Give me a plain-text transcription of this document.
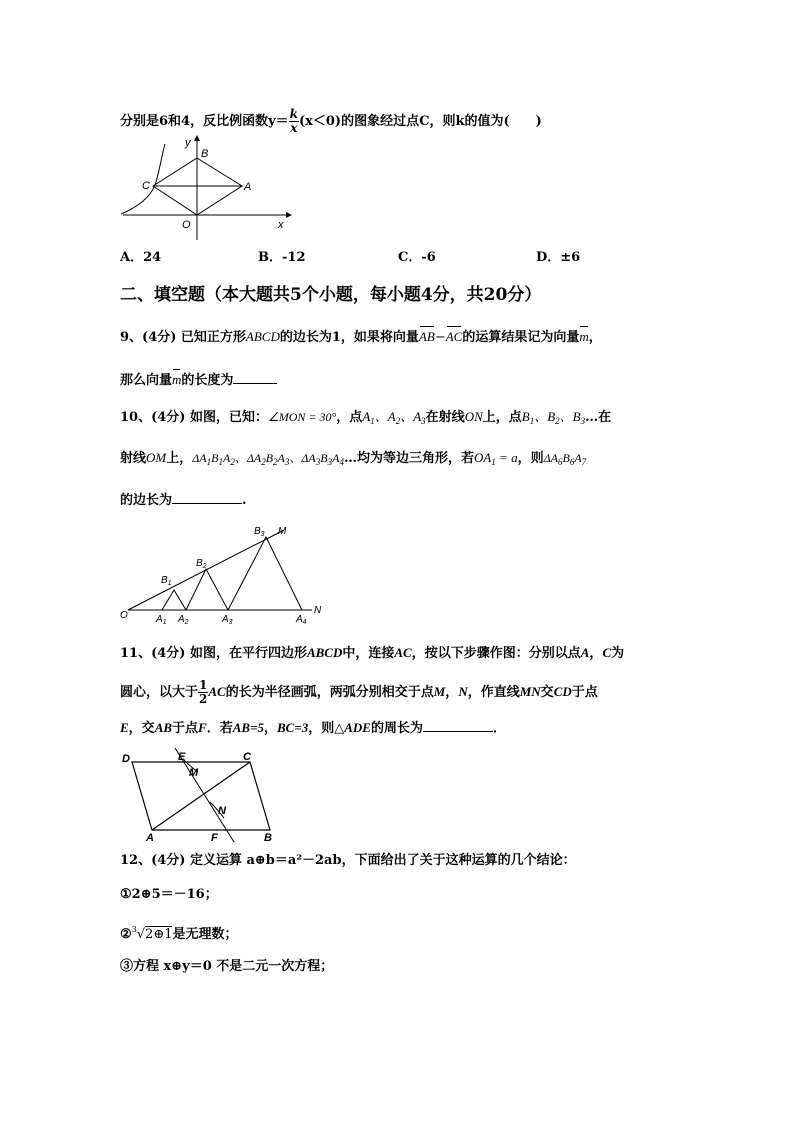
分别是6和4，反比例函数$y= \frac{k}{x} (x<0)$的图象经过点C，则k的值为(　　)
y
B
C	A
O	x
A．24	B．-12	C．-6	D．±6
二、填空题（本大题共5个小题，每小题4分，共20分）
9、(4分) 已知正方形ABCD的边长为1，如果将向量AB−AC的运算结果记为向量m，
那么向量m的长度为
10、(4分) 如图，已知：∠MON = 30°，点$A_1$、$A_2$、$A_3$在射线ON上，点$B_1$、$B_2$、$B_3\dots$在
射线OM上，$\Delta A_1B_1A_2$、$\Delta A_2B_2A_3$、$\Delta A_3B_3A_4\dots$均为等边三角形，若$OA_1 = a$，则$\Delta A_6B_6A_7$
的边长为	.
O
M
N
$B_1$
$B_2$
$B_3$
$A_1$ $A_2$	$A_3$	$A_4$
11、(4分) 如图，在平行四边形ABCD中，连接AC，按以下步骤作图：分别以点A，C为
圆心，以大于 $\frac{1}{2}$ AC的长为半径画弧，两弧分别相交于点M，N，作直线MN交CD于点
E，交AB于点F．若AB=5，BC=3，则△ADE的周长为	．
D	E	C
M
N
A	F	B
12、(4分) 定义运算 a⊕b＝a²－2ab，下面给出了关于这种运算的几个结论：
①2⊕5＝－16；
②$^3$√2⊕1是无理数；
③方程 x⊕y＝0 不是二元一次方程；
